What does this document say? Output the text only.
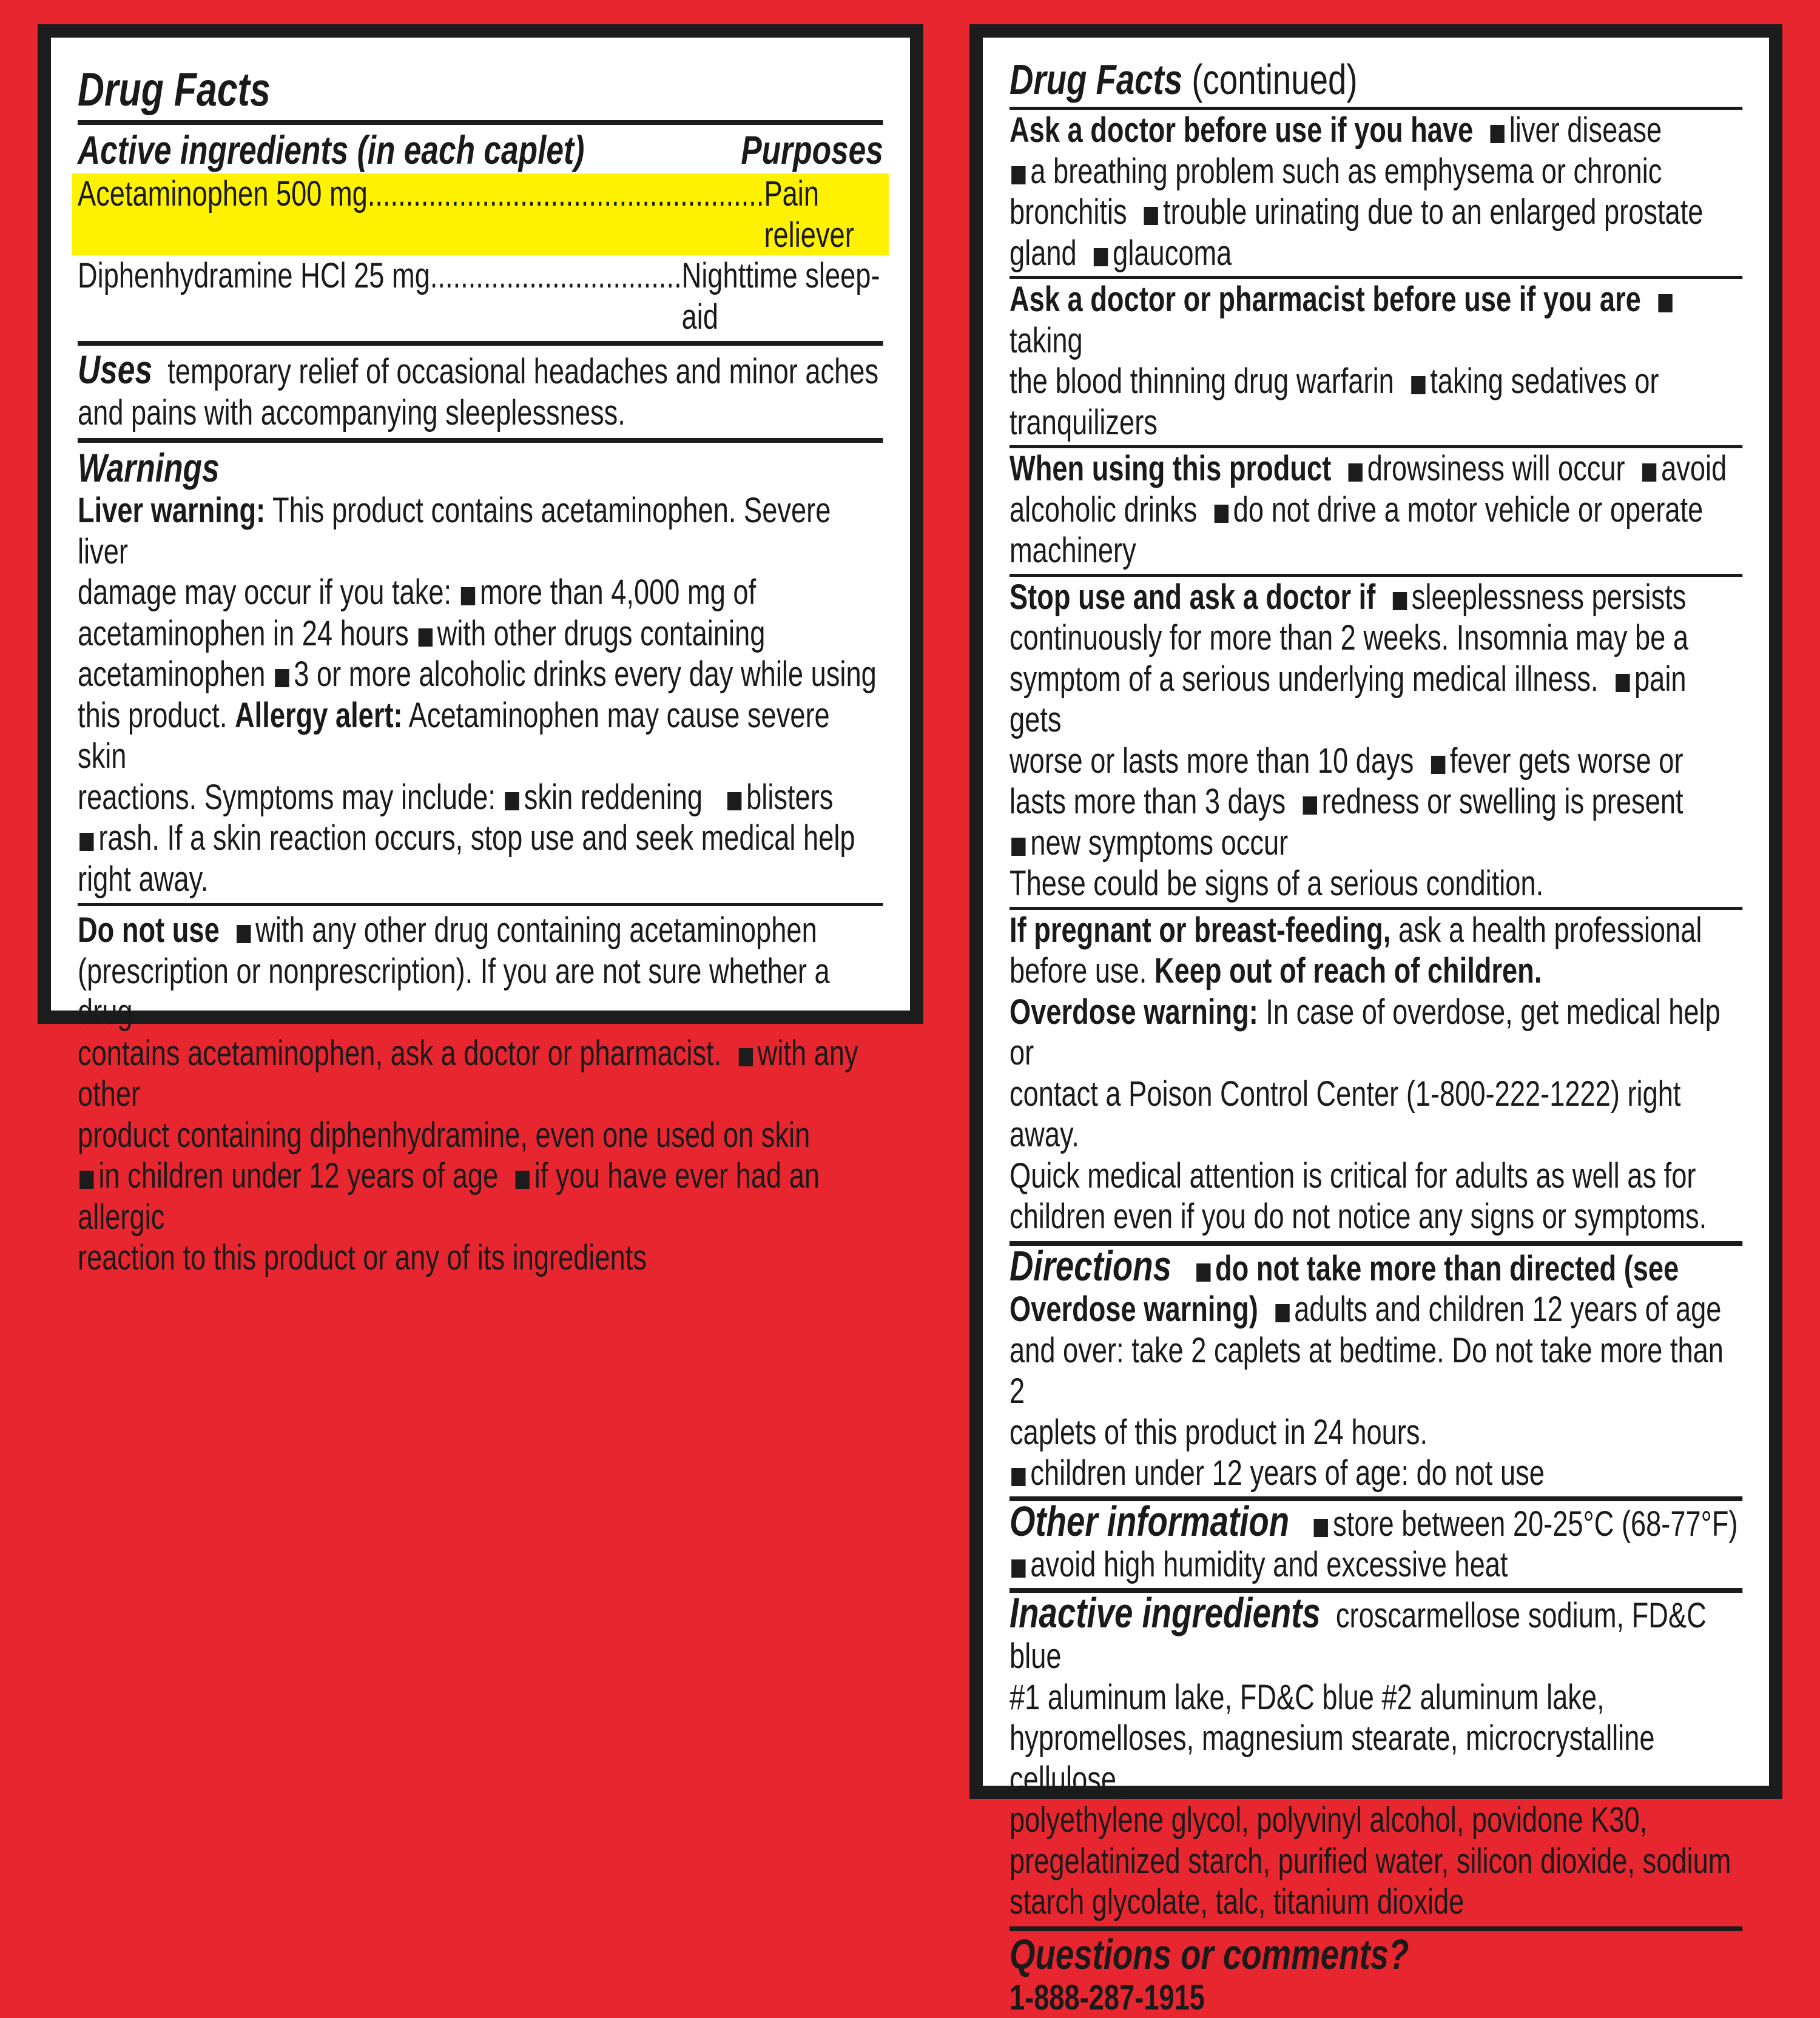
Drug Facts
Active ingredients (in each caplet)	Purposes
Acetaminophen 500 mg.................................................... Pain reliever
Diphenhydramine HCl 25 mg................................. Nighttime sleep-aid
Uses temporary relief of occasional headaches and minor aches
and pains with accompanying sleeplessness.
Warnings
Liver warning: This product contains acetaminophen. Severe liver
damage may occur if you take: more than 4,000 mg of
acetaminophen in 24 hours with other drugs containing
acetaminophen 3 or more alcoholic drinks every day while using
this product. Allergy alert: Acetaminophen may cause severe skin
reactions. Symptoms may include: skin reddening blisters
rash. If a skin reaction occurs, stop use and seek medical help
right away.
Do not use with any other drug containing acetaminophen
(prescription or nonprescription). If you are not sure whether a drug
contains acetaminophen, ask a doctor or pharmacist. with any other
product containing diphenhydramine, even one used on skin
in children under 12 years of age if you have ever had an allergic
reaction to this product or any of its ingredients
Drug Facts (continued)
Ask a doctor before use if you have liver disease
a breathing problem such as emphysema or chronic
bronchitis trouble urinating due to an enlarged prostate
gland glaucoma
Ask a doctor or pharmacist before use if you are  taking
the blood thinning drug warfarin taking sedatives or
tranquilizers
When using this product drowsiness will occur avoid
alcoholic drinks do not drive a motor vehicle or operate
machinery
Stop use and ask a doctor if sleeplessness persists
continuously for more than 2 weeks. Insomnia may be a
symptom of a serious underlying medical illness. pain gets
worse or lasts more than 10 days fever gets worse or
lasts more than 3 days redness or swelling is present
new symptoms occur
These could be signs of a serious condition.
If pregnant or breast-feeding, ask a health professional
before use. Keep out of reach of children.
Overdose warning: In case of overdose, get medical help or
contact a Poison Control Center (1-800-222-1222) right away.
Quick medical attention is critical for adults as well as for
children even if you do not notice any signs or symptoms.
Directions do not take more than directed (see
Overdose warning) adults and children 12 years of age
and over: take 2 caplets at bedtime. Do not take more than 2
caplets of this product in 24 hours.
children under 12 years of age: do not use
Other information store between 20-25°C (68-77°F)
avoid high humidity and excessive heat
Inactive ingredients croscarmellose sodium, FD&C blue
#1 aluminum lake, FD&C blue #2 aluminum lake,
hypromelloses, magnesium stearate, microcrystalline cellulose,
polyethylene glycol, polyvinyl alcohol, povidone K30,
pregelatinized starch, purified water, silicon dioxide, sodium
starch glycolate, talc, titanium dioxide
Questions or comments?
1-888-287-1915
